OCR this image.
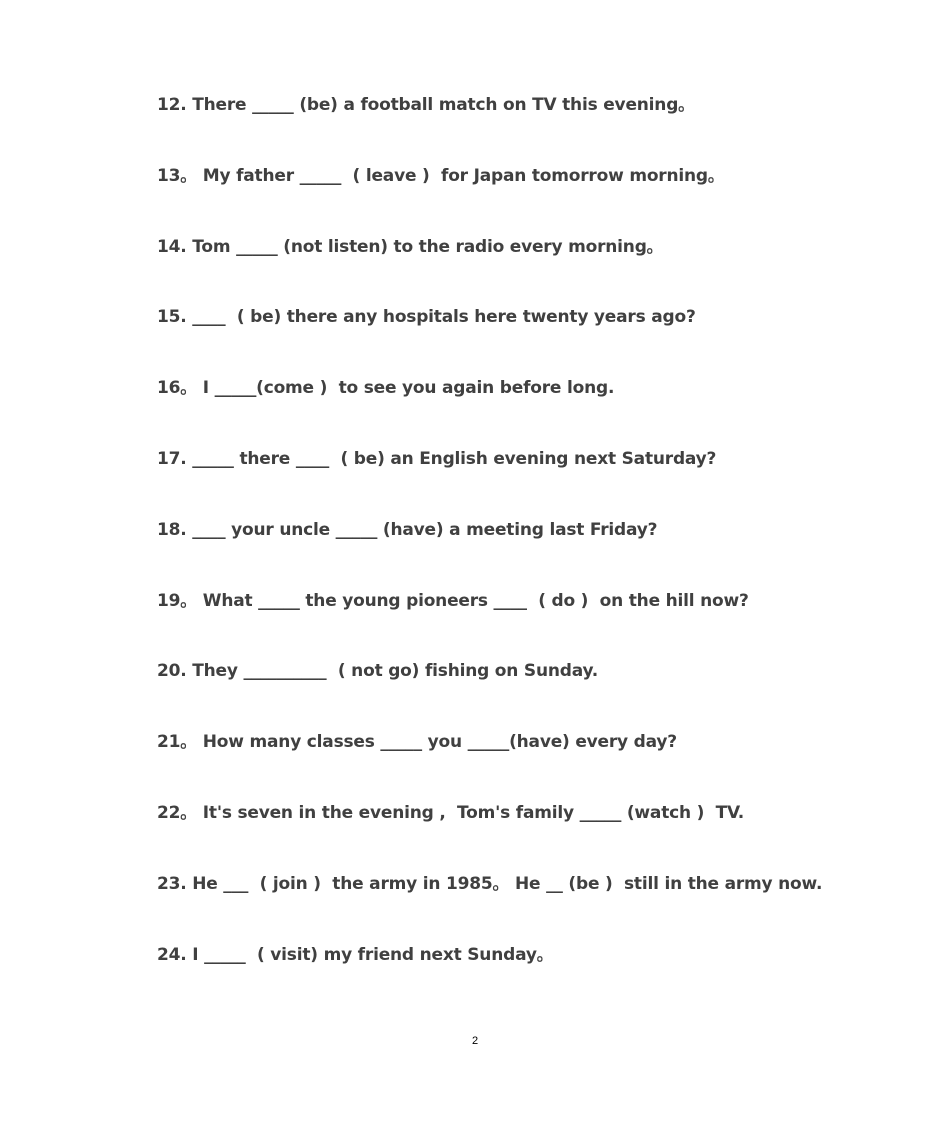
12. There _____ (be) a football match on TV this evening。
13。 My father _____  ( leave )  for Japan tomorrow morning。
14. Tom _____ (not listen) to the radio every morning。
15. ____  ( be) there any hospitals here twenty years ago?
16。 I _____(come )  to see you again before long.
17. _____ there ____  ( be) an English evening next Saturday?
18. ____ your uncle _____ (have) a meeting last Friday?
19。 What _____ the young pioneers ____  ( do )  on the hill now?
20. They __________  ( not go) fishing on Sunday.
21。 How many classes _____ you _____(have) every day?
22。 It's seven in the evening ,  Tom's family _____ (watch )  TV.
23. He ___  ( join )  the army in 1985。 He __ (be )  still in the army now.
24. I _____  ( visit) my friend next Sunday。
2
